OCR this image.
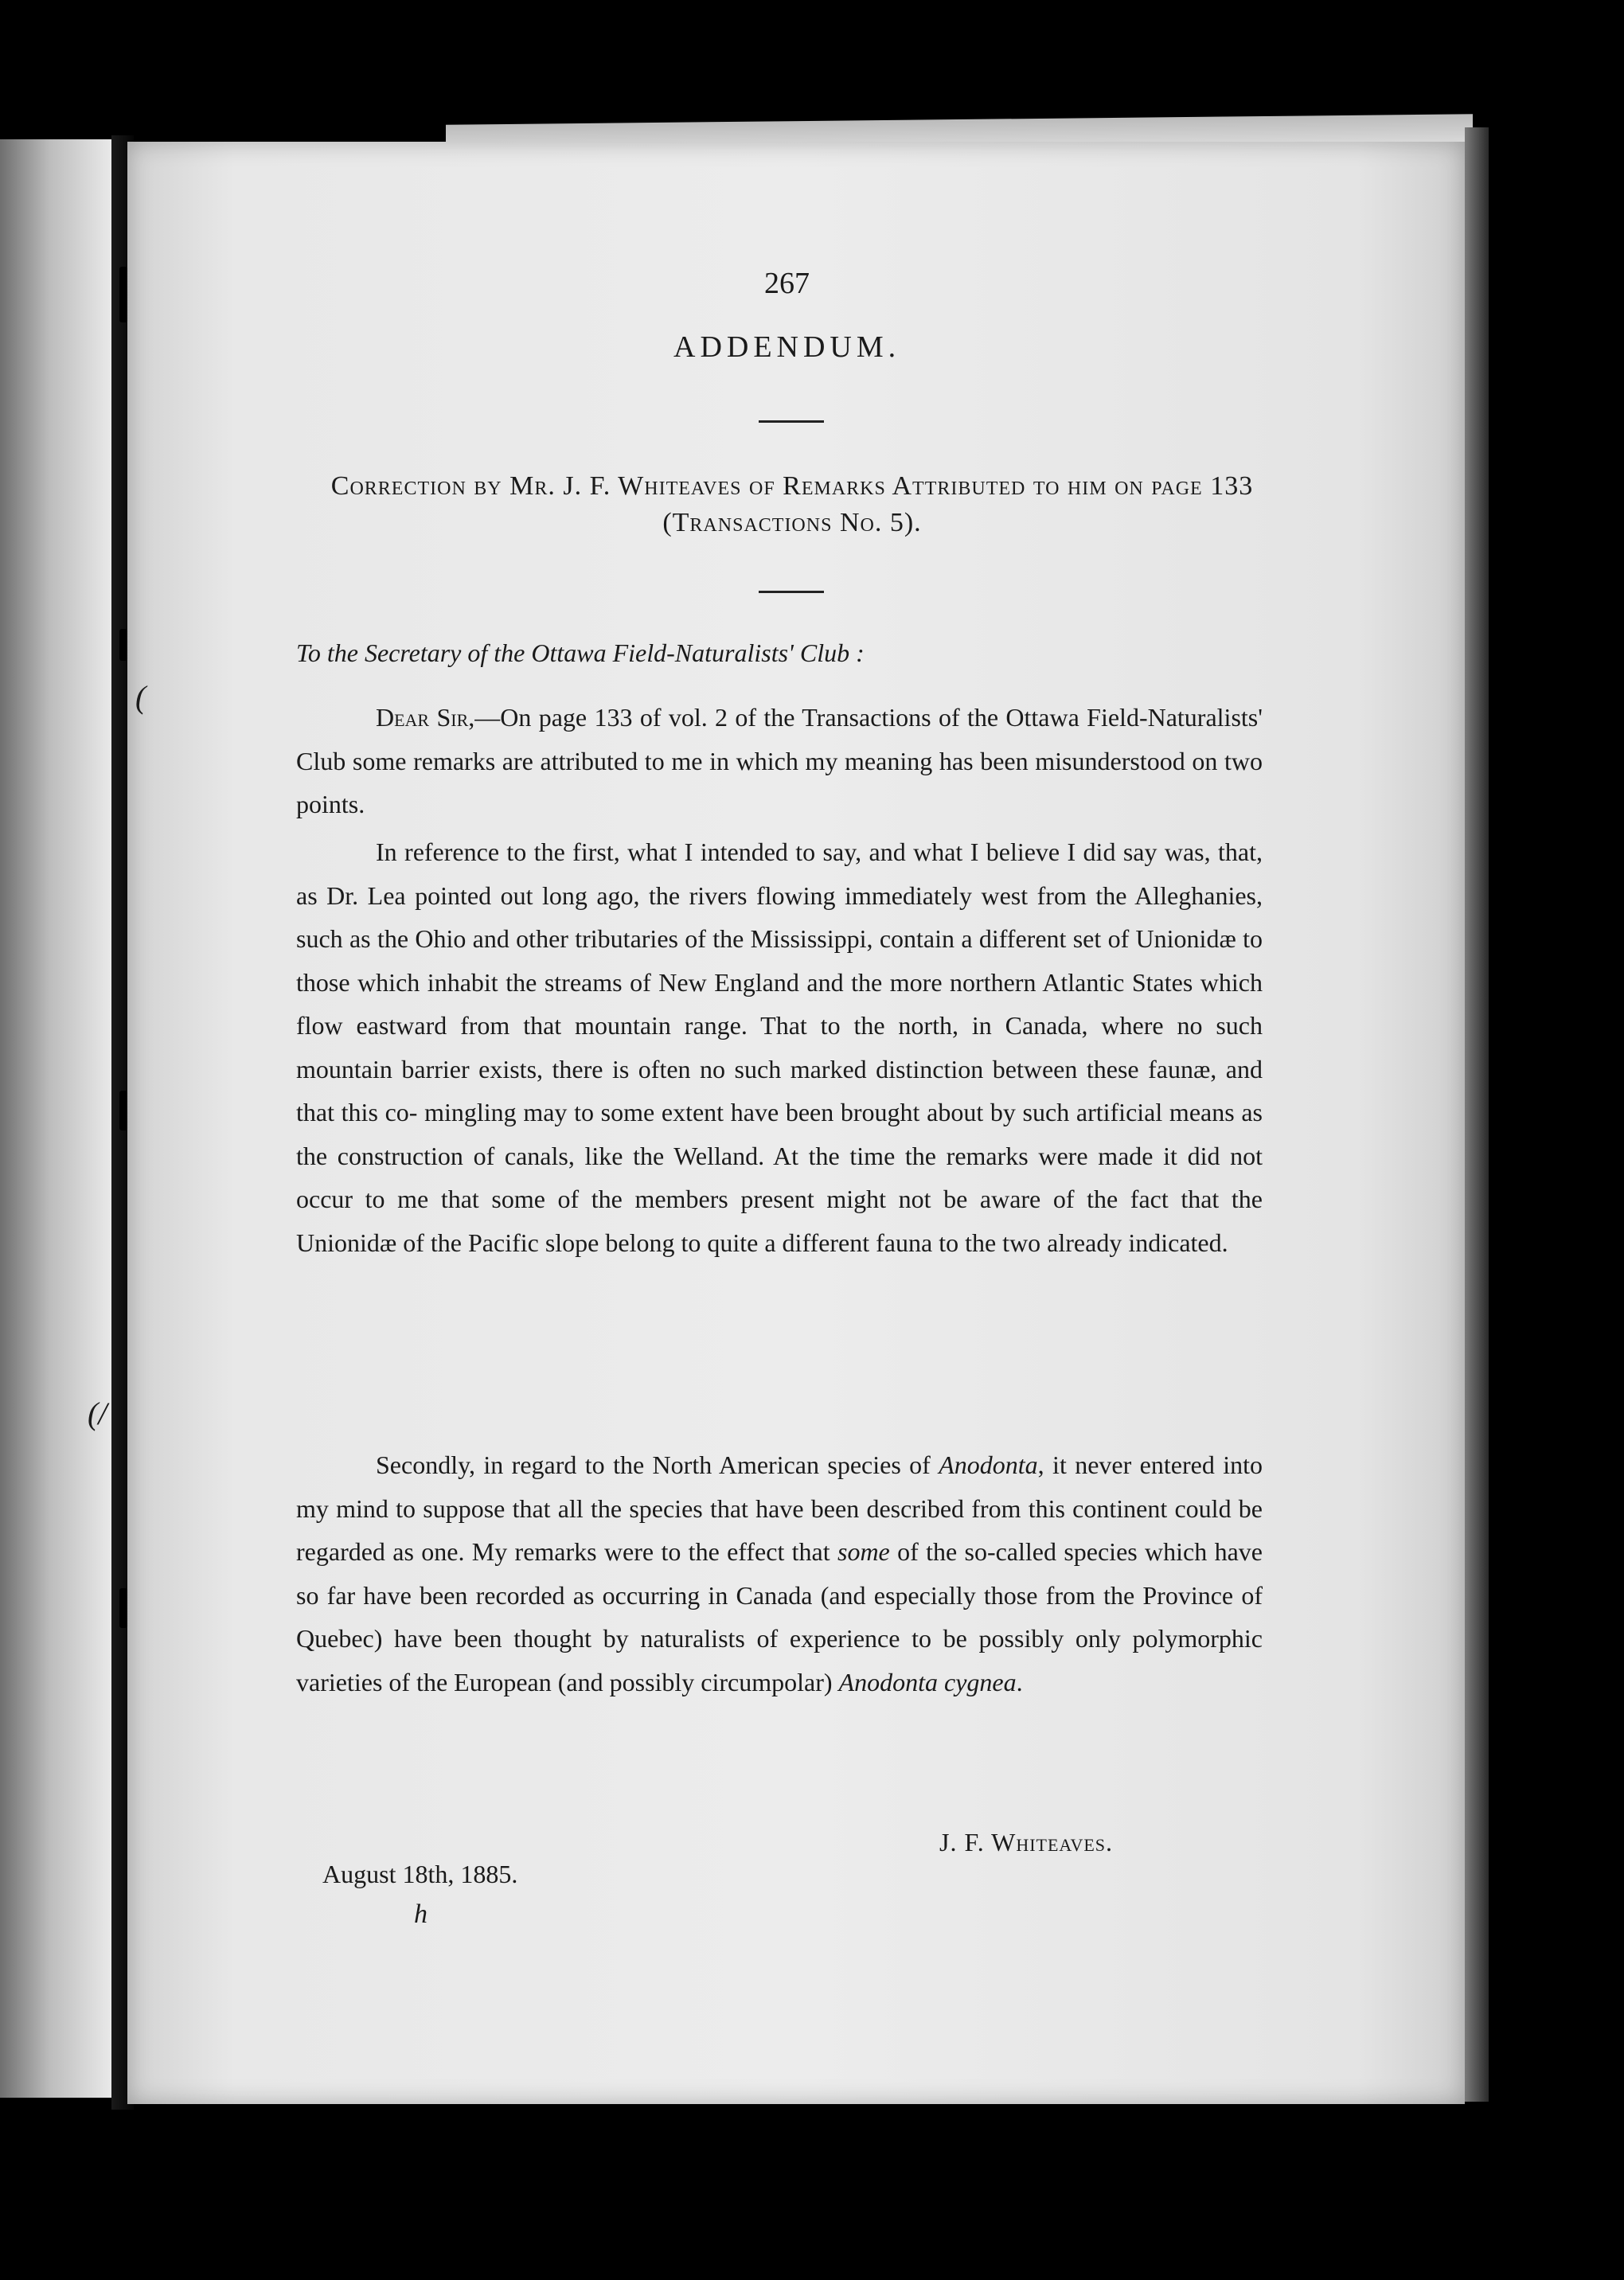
(
(/
267
ADDENDUM.
Correction by Mr. J. F. Whiteaves of Remarks Attributed to him on page 133 (Transactions No. 5).
To the Secretary of the Ottawa Field-Naturalists' Club :

Dear Sir,—On page 133 of vol. 2 of the Transactions of the Ottawa Field-Naturalists' Club some remarks are attributed to me in which my meaning has been misunderstood on two points.

In reference to the first, what I intended to say, and what I believe I did say was, that, as Dr. Lea pointed out long ago, the rivers flowing immediately west from the Alleghanies, such as the Ohio and other tributaries of the Mississippi, contain a different set of Unionidæ to those which inhabit the streams of New England and the more northern Atlantic States which flow eastward from that mountain range. That to the north, in Canada, where no such mountain barrier exists, there is often no such marked distinction between these faunæ, and that this co- mingling may to some extent have been brought about by such artificial means as the construction of canals, like the Welland. At the time the remarks were made it did not occur to me that some of the members present might not be aware of the fact that the Unionidæ of the Pacific slope belong to quite a different fauna to the two already indicated.

Secondly, in regard to the North American species of Anodonta, it never entered into my mind to suppose that all the species that have been described from this continent could be regarded as one. My remarks were to the effect that some of the so-called species which have so far have been recorded as occurring in Canada (and especially those from the Province of Quebec) have been thought by naturalists of experience to be possibly only polymorphic varieties of the European (and possibly circumpolar) Anodonta cygnea.

J. F. Whiteaves.
August 18th, 1885.
h
